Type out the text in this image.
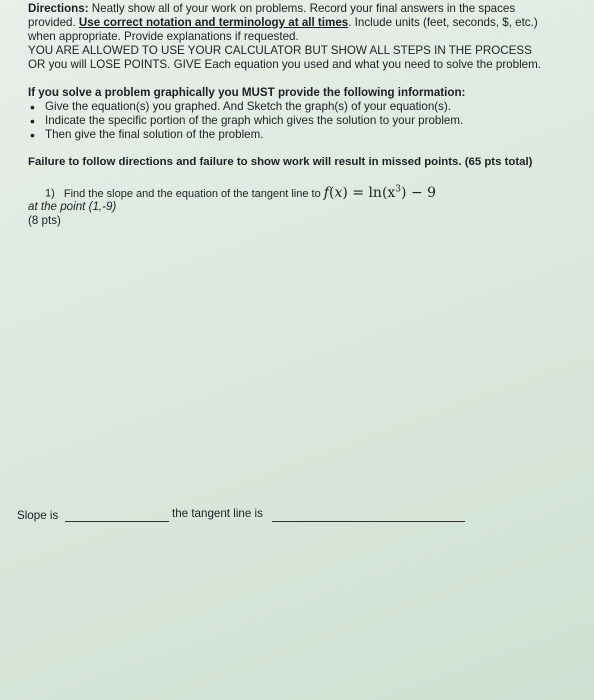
Directions: Neatly show all of your work on problems. Record your final answers in the spaces
provided. Use correct notation and terminology at all times. Include units (feet, seconds, $, etc.)
when appropriate. Provide explanations if requested.
YOU ARE ALLOWED TO USE YOUR CALCULATOR BUT SHOW ALL STEPS IN THE PROCESS
OR you will LOSE POINTS. GIVE Each equation you used and what you need to solve the problem.
If you solve a problem graphically you MUST provide the following information:
• Give the equation(s) you graphed. And Sketch the graph(s) of your equation(s).
• Indicate the specific portion of the graph which gives the solution to your problem.
• Then give the final solution of the problem.
Failure to follow directions and failure to show work will result in missed points. (65 pts total)
1) Find the slope and the equation of the tangent line to $f(x) = \ln(x^3) - 9$
at the point (1,-9)
(8 pts)
Slope is	the tangent line is
